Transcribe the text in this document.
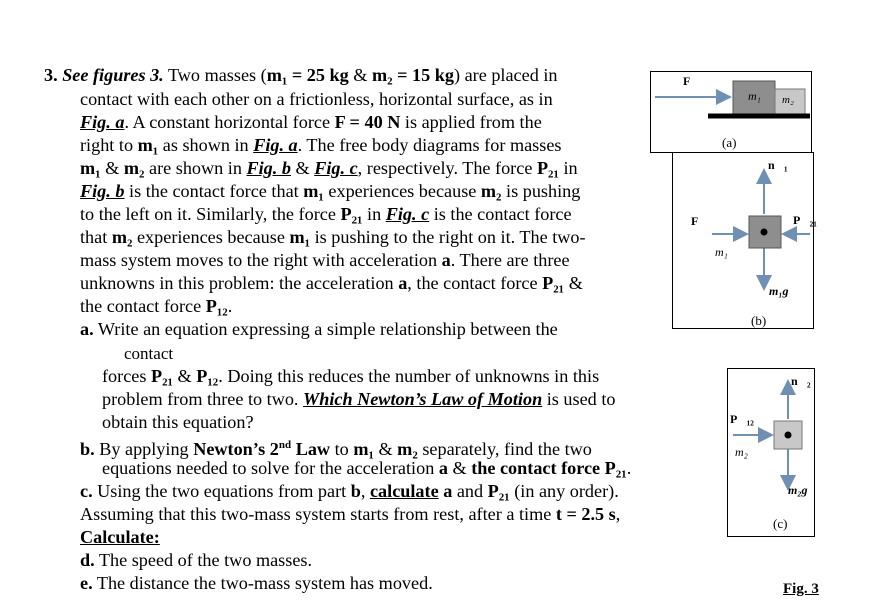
3. See figures 3. Two masses (m₁ = 25 kg & m₂ = 15 kg) are placed in
contact with each other on a frictionless, horizontal surface, as in
Fig. a. A constant horizontal force F = 40 N is applied from the
right to m₁ as shown in Fig. a. The free body diagrams for masses
m₁ & m₂ are shown in Fig. b & Fig. c, respectively. The force P₂₁ in
Fig. b is the contact force that m₁ experiences because m₂ is pushing
to the left on it. Similarly, the force P₂₁ in Fig. c is the contact force
that m₂ experiences because m₁ is pushing to the right on it. The two-
mass system moves to the right with acceleration a. There are three
unknowns in this problem: the acceleration a, the contact force P₂₁ &
the contact force P₁₂.
a. Write an equation expressing a simple relationship between the
contact
forces P₂₁ & P₁₂. Doing this reduces the number of unknowns in this
problem from three to two. Which Newton’s Law of Motion is used to
obtain this equation?
b. By applying Newton’s 2nd Law to m₁ & m₂ separately, find the two
equations needed to solve for the acceleration a & the contact force P₂₁.
c. Using the two equations from part b, calculate a and P₂₁ (in any order).
Assuming that this two-mass system starts from rest, after a time t = 2.5 s,
Calculate:
d. The speed of the two masses.
e. The distance the two-mass system has moved.
F⃗
m₁ m₂
(a)
n⃗₁
F⃗	P⃗₂₁
m₁
m₁g⃗
(b)
n⃗₂
P⃗₁₂
m₂
m₂g⃗
(c)
Fig. 3
